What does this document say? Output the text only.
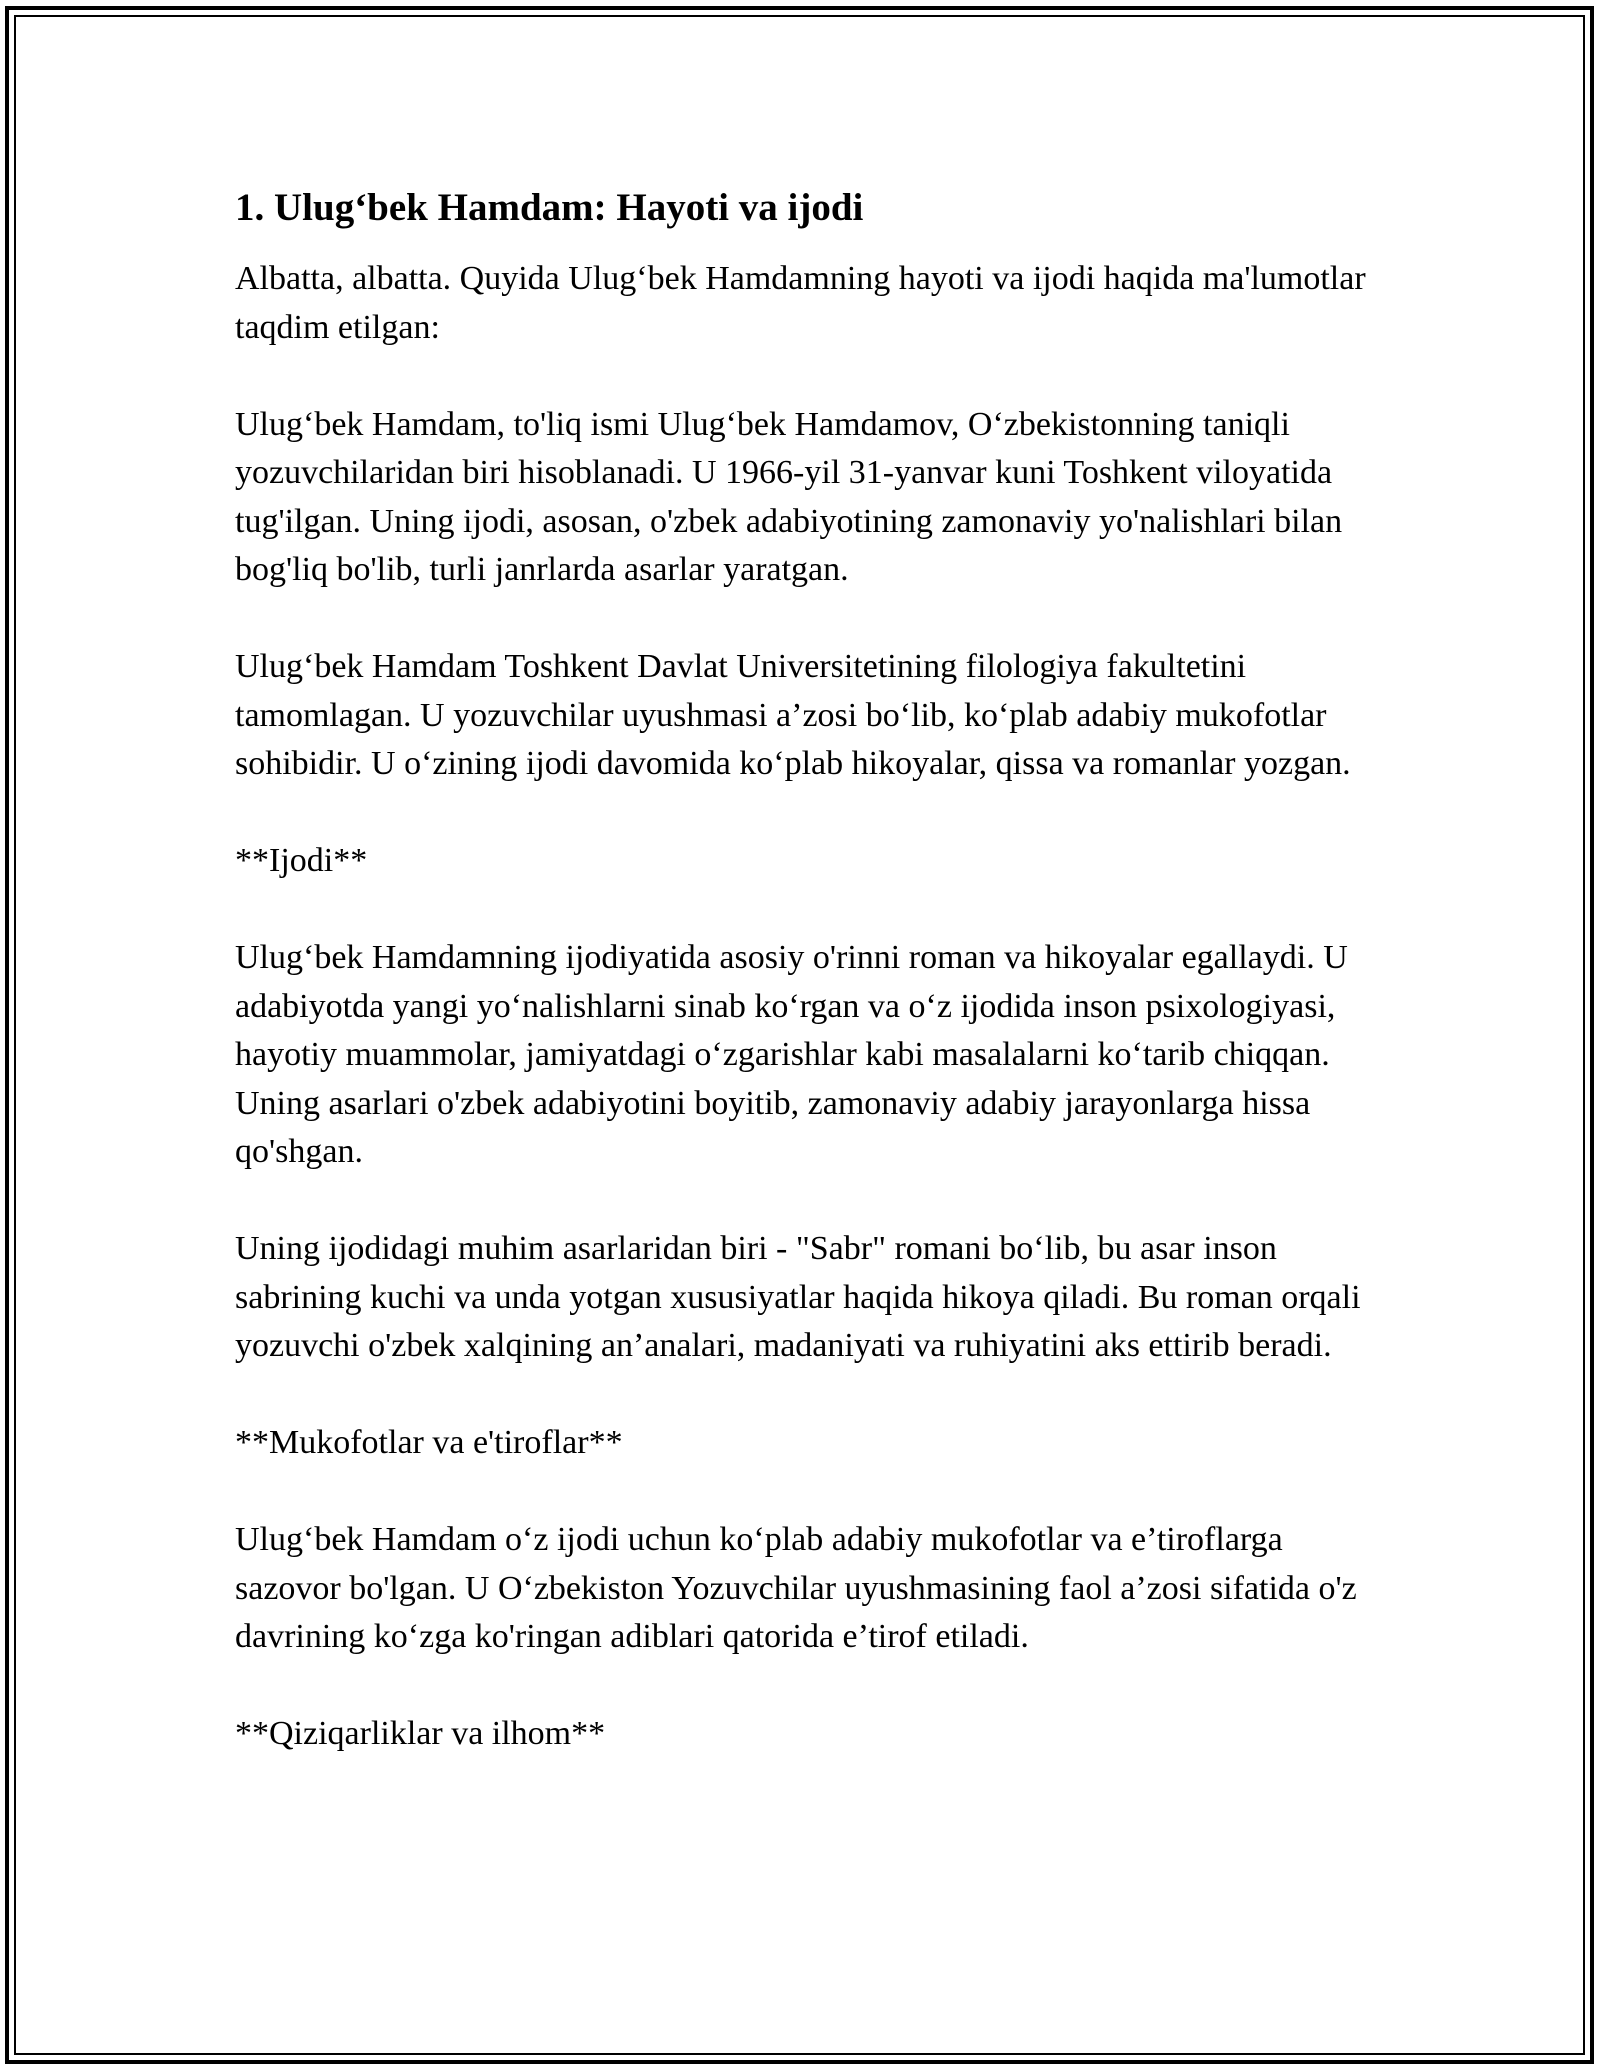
1. Ulug‘bek Hamdam: Hayoti va ijodi

Albatta, albatta. Quyida Ulug‘bek Hamdamning hayoti va ijodi haqida ma'lumotlar taqdim etilgan:

Ulug‘bek Hamdam, to'liq ismi Ulug‘bek Hamdamov, O‘zbekistonning taniqli yozuvchilaridan biri hisoblanadi. U 1966-yil 31-yanvar kuni Toshkent viloyatida tug'ilgan. Uning ijodi, asosan, o'zbek adabiyotining zamonaviy yo'nalishlari bilan bog'liq bo'lib, turli janrlarda asarlar yaratgan.

Ulug‘bek Hamdam Toshkent Davlat Universitetining filologiya fakultetini tamomlagan. U yozuvchilar uyushmasi a’zosi bo‘lib, ko‘plab adabiy mukofotlar sohibidir. U o‘zining ijodi davomida ko‘plab hikoyalar, qissa va romanlar yozgan.

**Ijodi**

Ulug‘bek Hamdamning ijodiyatida asosiy o'rinni roman va hikoyalar egallaydi. U adabiyotda yangi yo‘nalishlarni sinab ko‘rgan va o‘z ijodida inson psixologiyasi, hayotiy muammolar, jamiyatdagi o‘zgarishlar kabi masalalarni ko‘tarib chiqqan. Uning asarlari o'zbek adabiyotini boyitib, zamonaviy adabiy jarayonlarga hissa qo'shgan.

Uning ijodidagi muhim asarlaridan biri - "Sabr" romani bo‘lib, bu asar inson sabrining kuchi va unda yotgan xususiyatlar haqida hikoya qiladi. Bu roman orqali yozuvchi o'zbek xalqining an’analari, madaniyati va ruhiyatini aks ettirib beradi.

**Mukofotlar va e'tiroflar**

Ulug‘bek Hamdam o‘z ijodi uchun ko‘plab adabiy mukofotlar va e’tiroflarga sazovor bo'lgan. U O‘zbekiston Yozuvchilar uyushmasining faol a’zosi sifatida o'z davrining ko‘zga ko'ringan adiblari qatorida e’tirof etiladi.

**Qiziqarliklar va ilhom**
